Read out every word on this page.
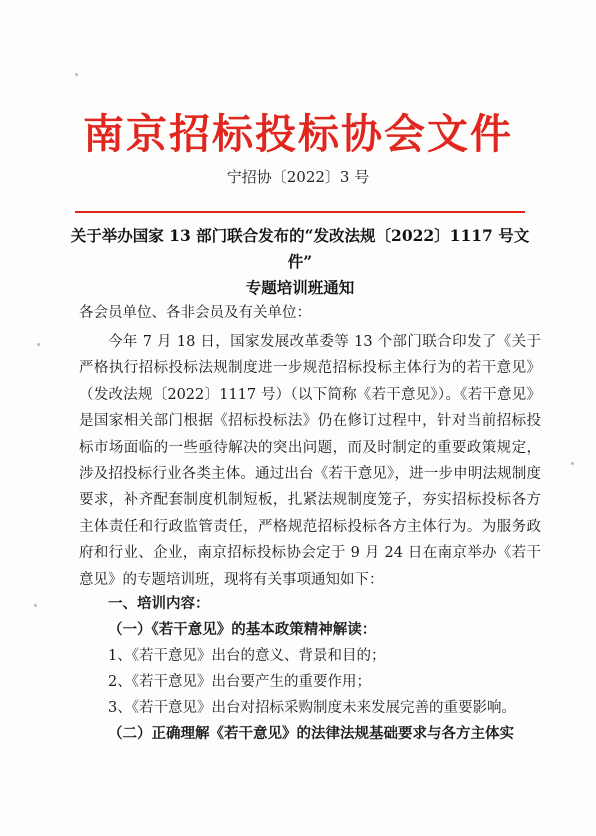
南京招标投标协会文件
宁招协〔2022〕3 号
关于举办国家 13 部门联合发布的“发改法规〔2022〕1117 号文件”
专题培训班通知
各会员单位、各非会员及有关单位：
今年 7 月 18 日，国家发展改革委等 13 个部门联合印发了《关于严格执行招标投标法规制度进一步规范招标投标主体行为的若干意见》（发改法规〔2022〕1117 号）（以下简称《若干意见》）。《若干意见》是国家相关部门根据《招标投标法》仍在修订过程中，针对当前招标投标市场面临的一些亟待解决的突出问题，而及时制定的重要政策规定，涉及招投标行业各类主体。通过出台《若干意见》，进一步申明法规制度要求，补齐配套制度机制短板，扎紧法规制度笼子，夯实招标投标各方主体责任和行政监管责任，严格规范招标投标各方主体行为。为服务政府和行业、企业，南京招标投标协会定于 9 月 24 日在南京举办《若干意见》的专题培训班，现将有关事项通知如下：
一、培训内容：
（一）《若干意见》的基本政策精神解读：
1、《若干意见》出台的意义、背景和目的；
2、《若干意见》出台要产生的重要作用；
3、《若干意见》出台对招标采购制度未来发展完善的重要影响。
（二）正确理解《若干意见》的法律法规基础要求与各方主体实
